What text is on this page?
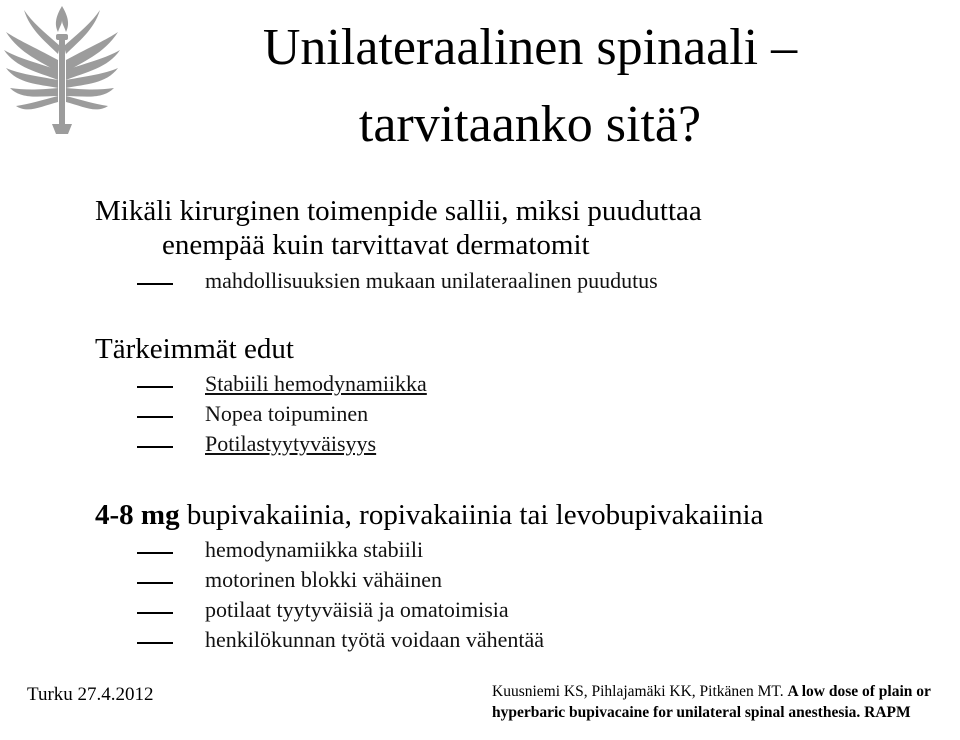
Unilateraalinen spinaali –
tarvitaanko sitä?
Mikäli kirurginen toimenpide sallii, miksi puuduttaa
enempää kuin tarvittavat dermatomit
mahdollisuuksien mukaan unilateraalinen puudutus
Tärkeimmät edut
Stabiili hemodynamiikka
Nopea toipuminen
Potilastyytyväisyys
4-8 mg bupivakaiinia, ropivakaiinia tai levobupivakaiinia
hemodynamiikka stabiili
motorinen blokki vähäinen
potilaat tyytyväisiä ja omatoimisia
henkilökunnan työtä voidaan vähentää
Turku 27.4.2012	Kuusniemi KS, Pihlajamäki KK, Pitkänen MT. A low dose of plain or hyperbaric bupivacaine for unilateral spinal anesthesia. RAPM
